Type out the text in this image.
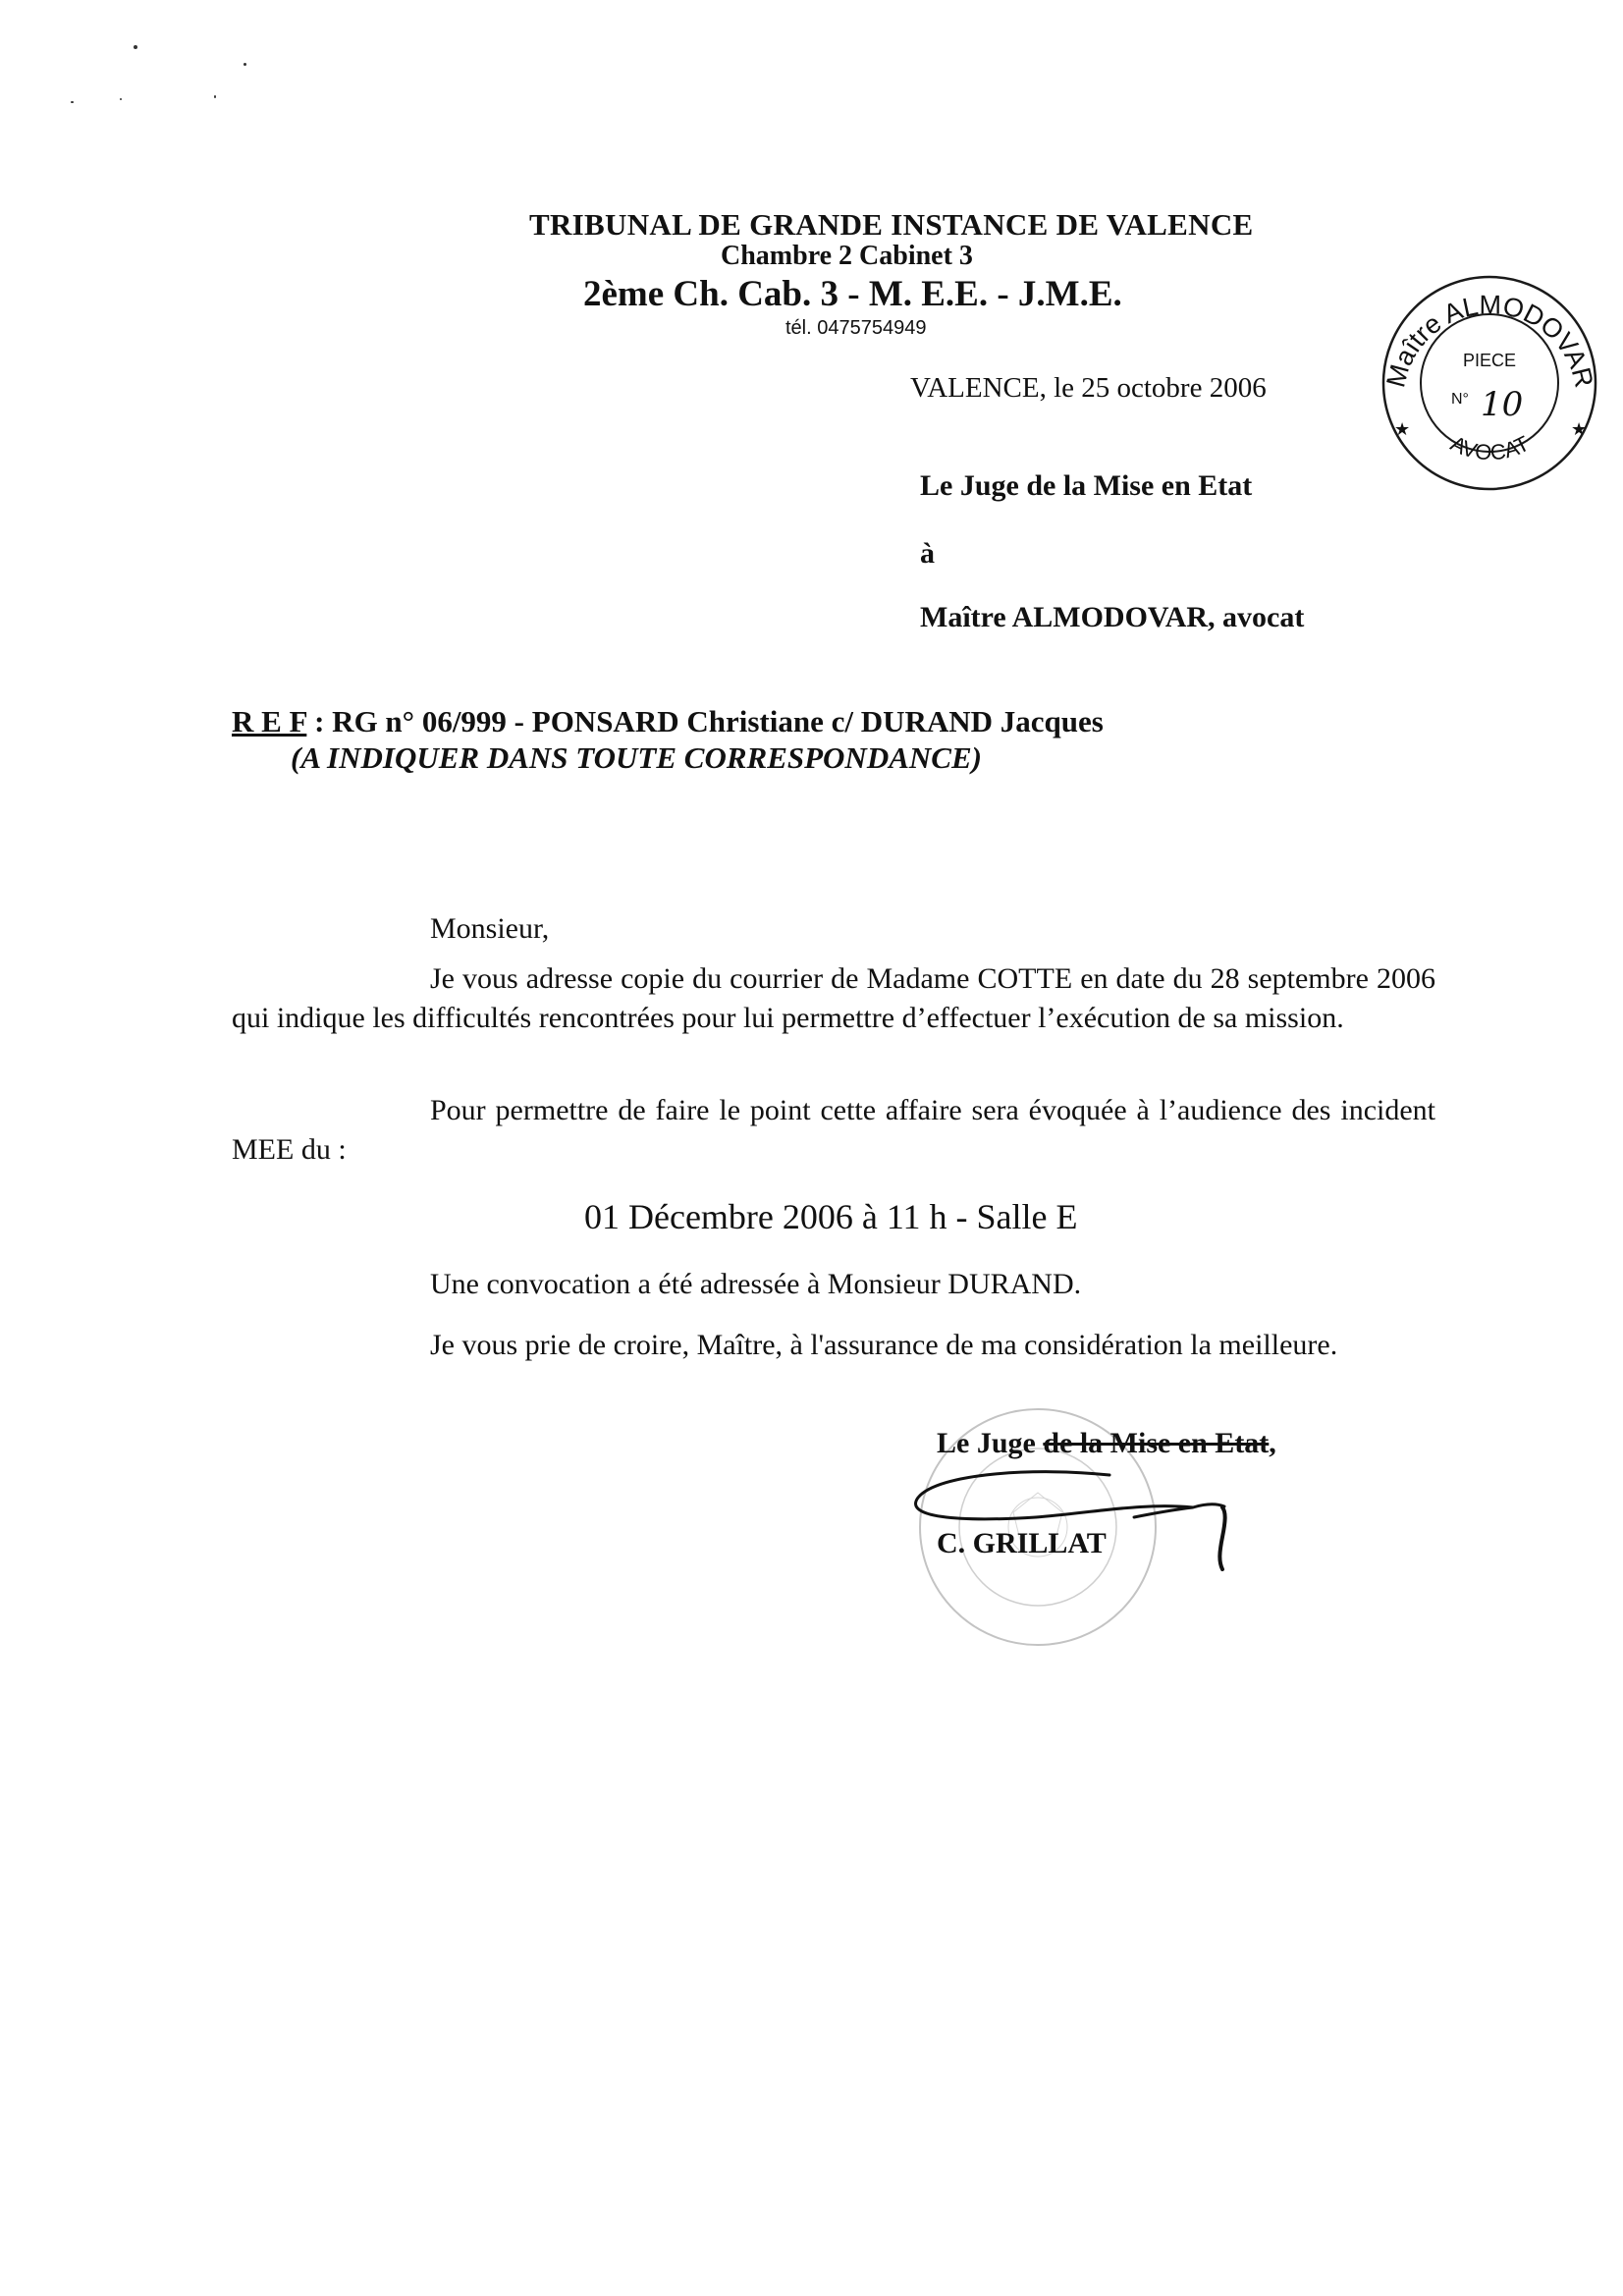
TRIBUNAL DE GRANDE INSTANCE DE VALENCE
Chambre 2 Cabinet 3
2ème Ch. Cab. 3 - M. E.E. - J.M.E.
tél. 0475754949
VALENCE, le 25 octobre 2006	Maître ALMODOVAR
AVOCAT
PIECE
N° 10
★	★
Le Juge de la Mise en Etat
à
Maître ALMODOVAR, avocat
R E F : RG n° 06/999 - PONSARD Christiane c/ DURAND Jacques
(A INDIQUER DANS TOUTE CORRESPONDANCE)
Monsieur,
Je vous adresse copie du courrier de Madame COTTE en date du 28 septembre 2006 qui indique les difficultés rencontrées pour lui permettre d’effectuer l’exécution de sa mission.
Pour permettre de faire le point cette affaire sera évoquée à l’audience des incident MEE du :
01 Décembre 2006 à 11 h - Salle E
Une convocation a été adressée à Monsieur DURAND.
Je vous prie de croire, Maître, à l'assurance de ma considération la meilleure.
Le Juge de la Mise en Etat,
C. GRILLAT
